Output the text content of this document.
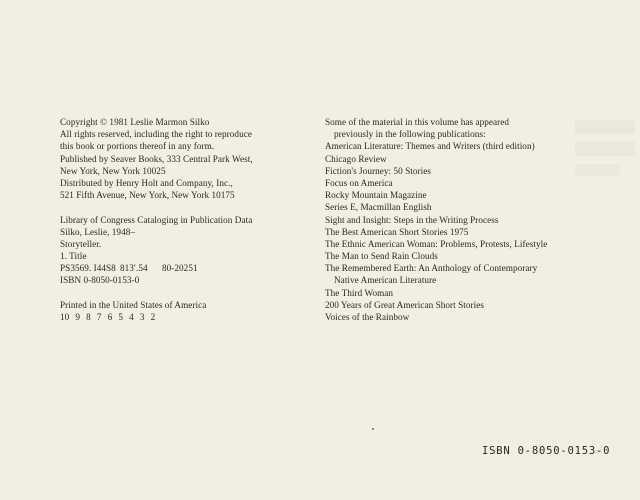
Copyright © 1981 Leslie Marmon Silko
All rights reserved, including the right to reproduce
this book or portions thereof in any form.
Published by Seaver Books, 333 Central Park West,
New York, New York 10025
Distributed by Henry Holt and Company, Inc.,
521 Fifth Avenue, New York, New York 10175
Library of Congress Cataloging in Publication Data
Silko, Leslie, 1948–
Storyteller.
1. Title
PS3569. I44S8 813′.54 80-20251
ISBN 0-8050-0153-0
Printed in the United States of America
10 9 8 7 6 5 4 3 2
Some of the material in this volume has appeared
previously in the following publications:
American Literature: Themes and Writers (third edition)
Chicago Review
Fiction's Journey: 50 Stories
Focus on America
Rocky Mountain Magazine
Series E, Macmillan English
Sight and Insight: Steps in the Writing Process
The Best American Short Stories 1975
The Ethnic American Woman: Problems, Protests, Lifestyle
The Man to Send Rain Clouds
The Remembered Earth: An Anthology of Contemporary
Native American Literature
The Third Woman
200 Years of Great American Short Stories
Voices of the Rainbow
ISBN 0-8050-0153-0
